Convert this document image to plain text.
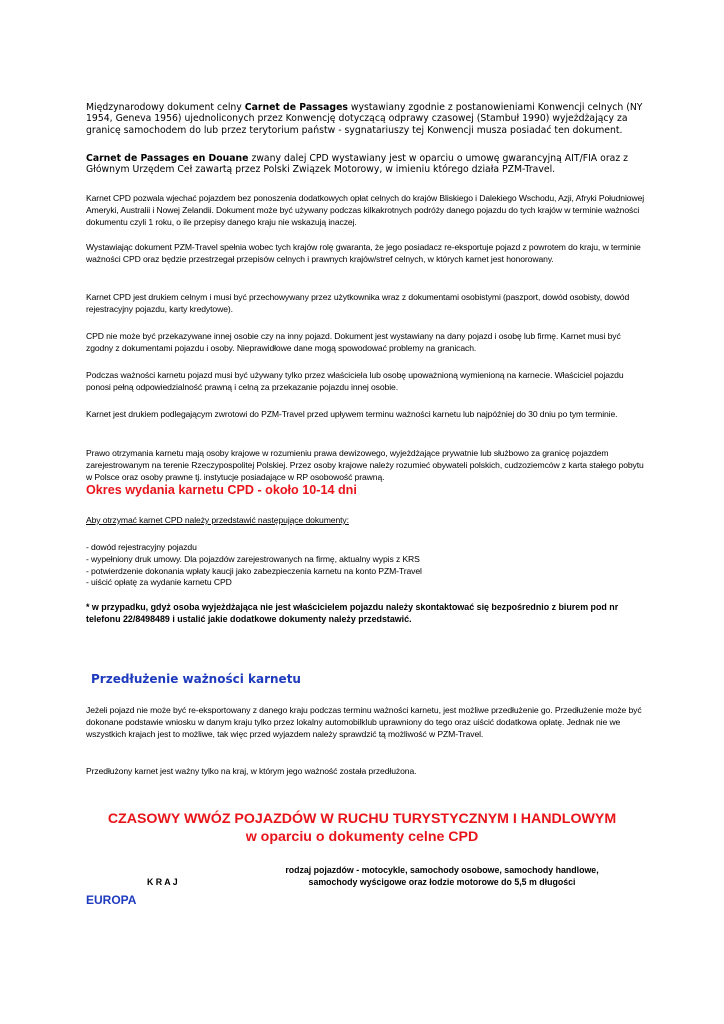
Międzynarodowy dokument celny Carnet de Passages wystawiany zgodnie z postanowieniami Konwencji celnych (NY 1954, Geneva 1956) ujednoliconych przez Konwencję dotyczącą odprawy czasowej (Stambuł 1990) wyjeżdżający za granicę samochodem do lub przez terytorium państw - sygnatariuszy tej Konwencji musza posiadać ten dokument.

Carnet de Passages en Douane zwany dalej CPD wystawiany jest w oparciu o umowę gwarancyjną AIT/FIA oraz z Głównym Urzędem Ceł zawartą przez Polski Związek Motorowy, w imieniu którego działa PZM-Travel.

Karnet CPD pozwala wjechać pojazdem bez ponoszenia dodatkowych opłat celnych do krajów Bliskiego i Dalekiego Wschodu, Azji, Afryki Południowej Ameryki, Australii i Nowej Zelandii. Dokument może być używany podczas kilkakrotnych podróży danego pojazdu do tych krajów w terminie ważności dokumentu czyli 1 roku, o ile przepisy danego kraju nie wskazują inaczej.

Wystawiając dokument PZM-Travel spełnia wobec tych krajów rolę gwaranta, że jego posiadacz re-eksportuje pojazd z powrotem do kraju, w terminie ważności CPD oraz będzie przestrzegał przepisów celnych i prawnych krajów/stref celnych, w których karnet jest honorowany.

Karnet CPD jest drukiem celnym i musi być przechowywany przez użytkownika wraz z dokumentami osobistymi (paszport, dowód osobisty, dowód rejestracyjny pojazdu, karty kredytowe).

CPD nie może być przekazywane innej osobie czy na inny pojazd. Dokument jest wystawiany na dany pojazd i osobę lub firmę. Karnet musi być zgodny z dokumentami pojazdu i osoby. Nieprawidłowe dane mogą spowodować problemy na granicach.

Podczas ważności karnetu pojazd musi być używany tylko przez właściciela lub osobę upoważnioną wymienioną na karnecie. Właściciel pojazdu ponosi pełną odpowiedzialność prawną i celną za przekazanie pojazdu innej osobie.

Karnet jest drukiem podlegającym zwrotowi do PZM-Travel przed upływem terminu ważności karnetu lub najpóźniej do 30 dniu po tym terminie.

Prawo otrzymania karnetu mają osoby krajowe w rozumieniu prawa dewizowego, wyjeżdżające prywatnie lub służbowo za granicę pojazdem zarejestrowanym na terenie Rzeczypospolitej Polskiej. Przez osoby krajowe należy rozumieć obywateli polskich, cudzoziemców z karta stałego pobytu w Polsce oraz osoby prawne tj. instytucje posiadające w RP osobowość prawną.

Okres wydania karnetu CPD - około 10-14 dni

Aby otrzymać karnet CPD należy przedstawić następujące dokumenty:

- dowód rejestracyjny pojazdu
- wypełniony druk umowy. Dla pojazdów zarejestrowanych na firmę, aktualny wypis z KRS
- potwierdzenie dokonania wpłaty kaucji jako zabezpieczenia karnetu na konto PZM-Travel
- uiścić opłatę za wydanie karnetu CPD

* w przypadku, gdyż osoba wyjeżdżająca nie jest właścicielem pojazdu należy skontaktować się bezpośrednio z biurem pod nr telefonu 22/8498489 i ustalić jakie dodatkowe dokumenty należy przedstawić.

Przedłużenie ważności karnetu

Jeżeli pojazd nie może być re-eksportowany z danego kraju podczas terminu ważności karnetu, jest możliwe przedłużenie go. Przedłużenie może być dokonane podstawie wniosku w danym kraju tylko przez lokalny automobilklub uprawniony do tego oraz uiścić dodatkowa opłatę. Jednak nie we wszystkich krajach jest to możliwe, tak więc przed wyjazdem należy sprawdzić tą możliwość w PZM-Travel.

Przedłużony karnet jest ważny tylko na kraj, w którym jego ważność została przedłużona.

CZASOWY WWÓZ POJAZDÓW W RUCHU TURYSTYCZNYM I HANDLOWYM
w oparciu o dokumenty celne CPD
K R A J
rodzaj pojazdów - motocykle, samochody osobowe, samochody handlowe,
samochody wyścigowe oraz łodzie motorowe do 5,5 m długości
EUROPA
